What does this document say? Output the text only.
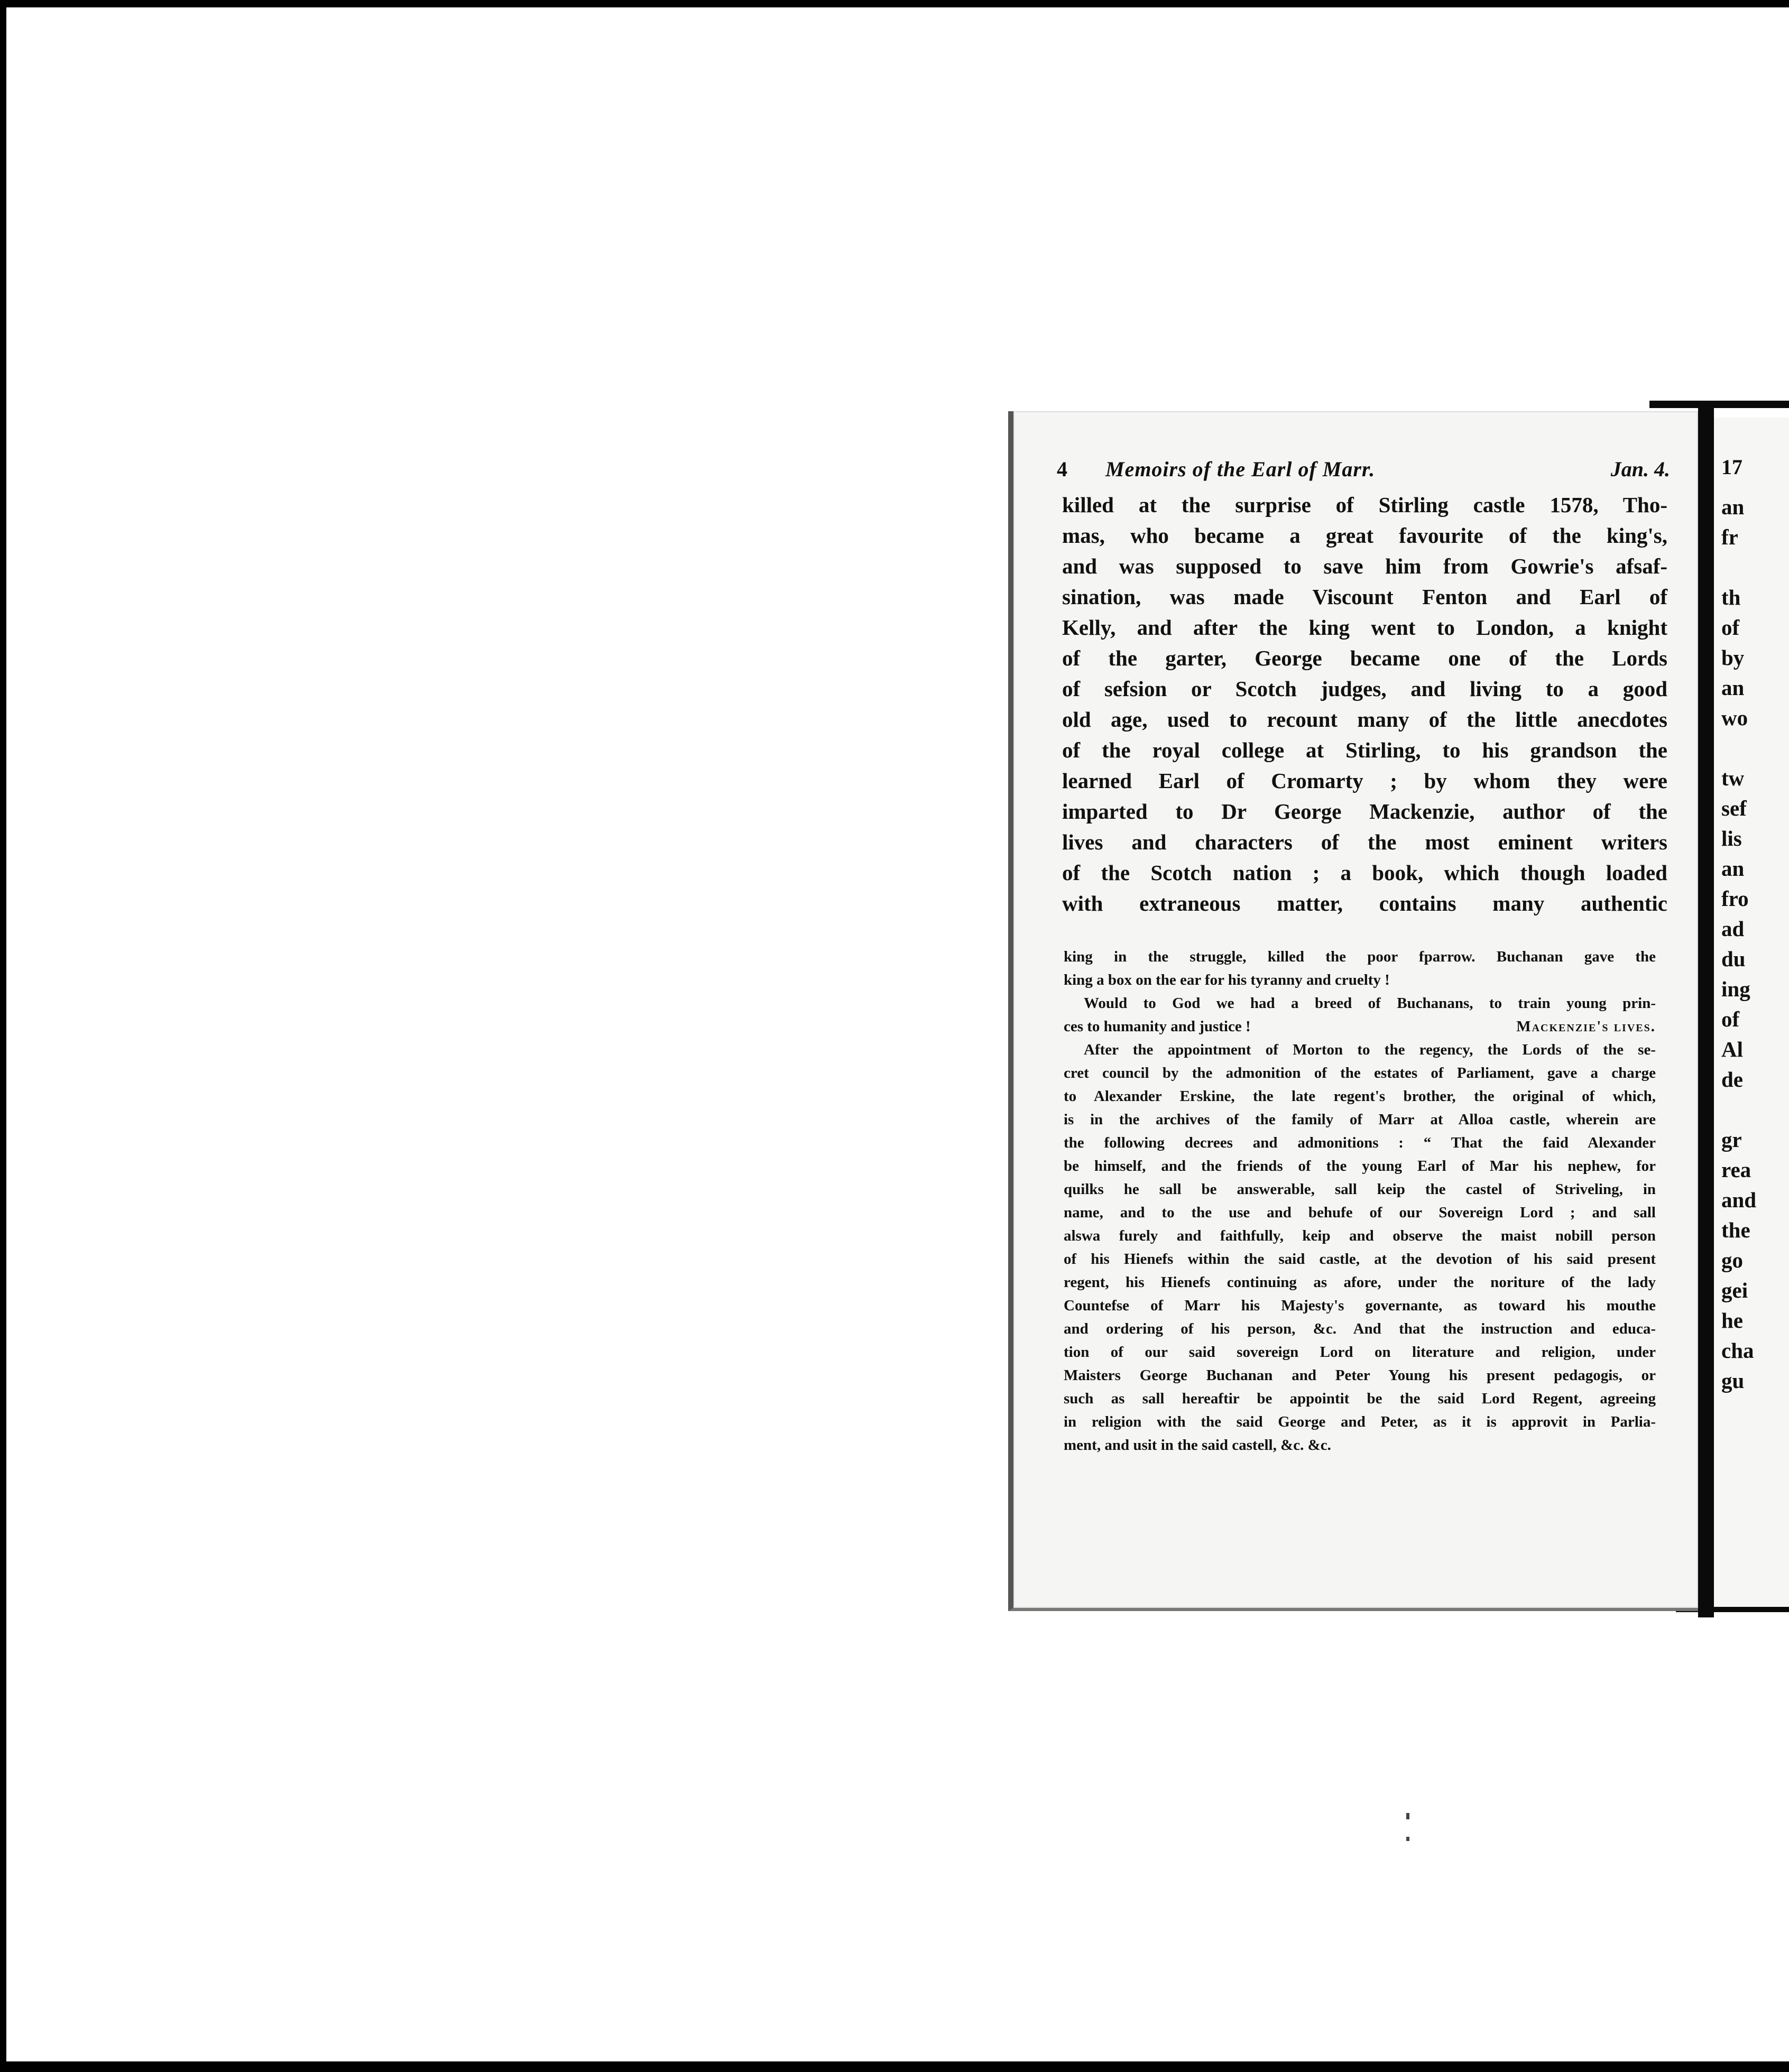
4 Memoirs of the Earl of Marr.	Jan. 4.
killed at the surprise of Stirling castle 1578, Tho-
mas, who became a great favourite of the king's,
and was supposed to save him from Gowrie's afsaf-
sination, was made Viscount Fenton and Earl of
Kelly, and after the king went to London, a knight
of the garter, George became one of the Lords
of sefsion or Scotch judges, and living to a good
old age, used to recount many of the little anecdotes
of the royal college at Stirling, to his grandson the
learned Earl of Cromarty ; by whom they were
imparted to Dr George Mackenzie, author of the
lives and characters of the most eminent writers
of the Scotch nation ; a book, which though loaded
with extraneous matter, contains many authentic
king in the struggle, killed the poor fparrow. Buchanan gave the
king a box on the ear for his tyranny and cruelty !
Would to God we had a breed of Buchanans, to train young prin-
ces to humanity and justice !	Mackenzie's lives.
After the appointment of Morton to the regency, the Lords of the se-
cret council by the admonition of the estates of Parliament, gave a charge
to Alexander Erskine, the late regent's brother, the original of which,
is in the archives of the family of Marr at Alloa castle, wherein are
the following decrees and admonitions : “ That the faid Alexander
be himself, and the friends of the young Earl of Mar his nephew, for
quilks he sall be answerable, sall keip the castel of Striveling, in
name, and to the use and behufe of our Sovereign Lord ; and sall
alswa furely and faithfully, keip and observe the maist nobill person
of his Hienefs within the said castle, at the devotion of his said present
regent, his Hienefs continuing as afore, under the noriture of the lady
Countefse of Marr his Majesty's governante, as toward his mouthe
and ordering of his person, &c. And that the instruction and educa-
tion of our said sovereign Lord on literature and religion, under
Maisters George Buchanan and Peter Young his present pedagogis, or
such as sall hereaftir be appointit be the said Lord Regent, agreeing
in religion with the said George and Peter, as it is approvit in Parlia-
ment, and usit in the said castell, &c. &c.
17
an
fr
th
of
by
an
wo
tw
sef
lis
an
fro
ad
du
ing
of
Al
de
gr
rea
and
the
go
gei
he
cha
gu
